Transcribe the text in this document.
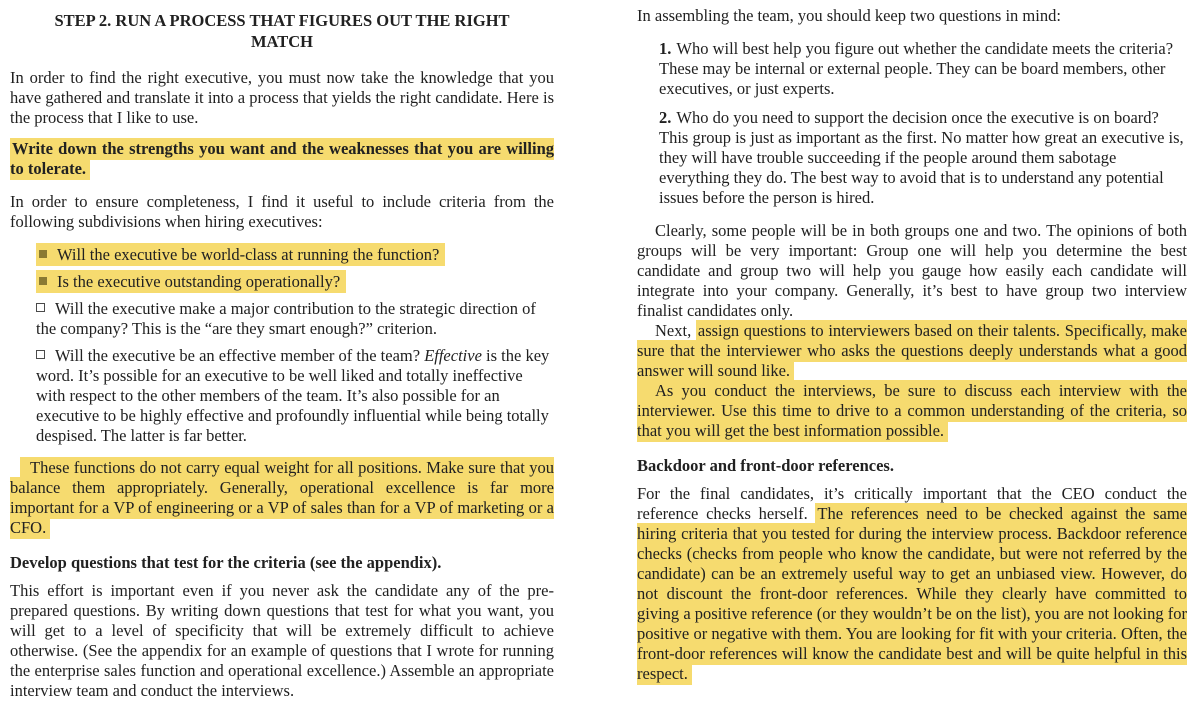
STEP 2. RUN A PROCESS THAT FIGURES OUT THE RIGHT MATCH

In order to find the right executive, you must now take the knowledge that you have gathered and translate it into a process that yields the right candidate. Here is the process that I like to use.

Write down the strengths you want and the weaknesses that you are willing to tolerate.

In order to ensure completeness, I find it useful to include criteria from the following subdivisions when hiring executives:

Will the executive be world-class at running the function?

Is the executive outstanding operationally?

Will the executive make a major contribution to the strategic direction of the company? This is the “are they smart enough?” criterion.

Will the executive be an effective member of the team? Effective is the key word. It’s possible for an executive to be well liked and totally ineffective with respect to the other members of the team. It’s also possible for an executive to be highly effective and profoundly influential while being totally despised. The latter is far better.

These functions do not carry equal weight for all positions. Make sure that you balance them appropriately. Generally, operational excellence is far more important for a VP of engineering or a VP of sales than for a VP of marketing or a CFO.

Develop questions that test for the criteria (see the appendix).

This effort is important even if you never ask the candidate any of the pre-prepared questions. By writing down questions that test for what you want, you will get to a level of specificity that will be extremely difficult to achieve otherwise. (See the appendix for an example of questions that I wrote for running the enterprise sales function and operational excellence.) Assemble an appropriate interview team and conduct the interviews.

In assembling the team, you should keep two questions in mind:

1. Who will best help you figure out whether the candidate meets the criteria? These may be internal or external people. They can be board members, other executives, or just experts.

2. Who do you need to support the decision once the executive is on board? This group is just as important as the first. No matter how great an executive is, they will have trouble succeeding if the people around them sabotage everything they do. The best way to avoid that is to understand any potential issues before the person is hired.

Clearly, some people will be in both groups one and two. The opinions of both groups will be very important: Group one will help you determine the best candidate and group two will help you gauge how easily each candidate will integrate into your company. Generally, it’s best to have group two interview finalist candidates only.

Next, assign questions to interviewers based on their talents. Specifically, make sure that the interviewer who asks the questions deeply understands what a good answer will sound like.

As you conduct the interviews, be sure to discuss each interview with the interviewer. Use this time to drive to a common understanding of the criteria, so that you will get the best information possible.

Backdoor and front-door references.

For the final candidates, it’s critically important that the CEO conduct the reference checks herself. The references need to be checked against the same hiring criteria that you tested for during the interview process. Backdoor reference checks (checks from people who know the candidate, but were not referred by the candidate) can be an extremely useful way to get an unbiased view. However, do not discount the front-door references. While they clearly have committed to giving a positive reference (or they wouldn’t be on the list), you are not looking for positive or negative with them. You are looking for fit with your criteria. Often, the front-door references will know the candidate best and will be quite helpful in this respect.
